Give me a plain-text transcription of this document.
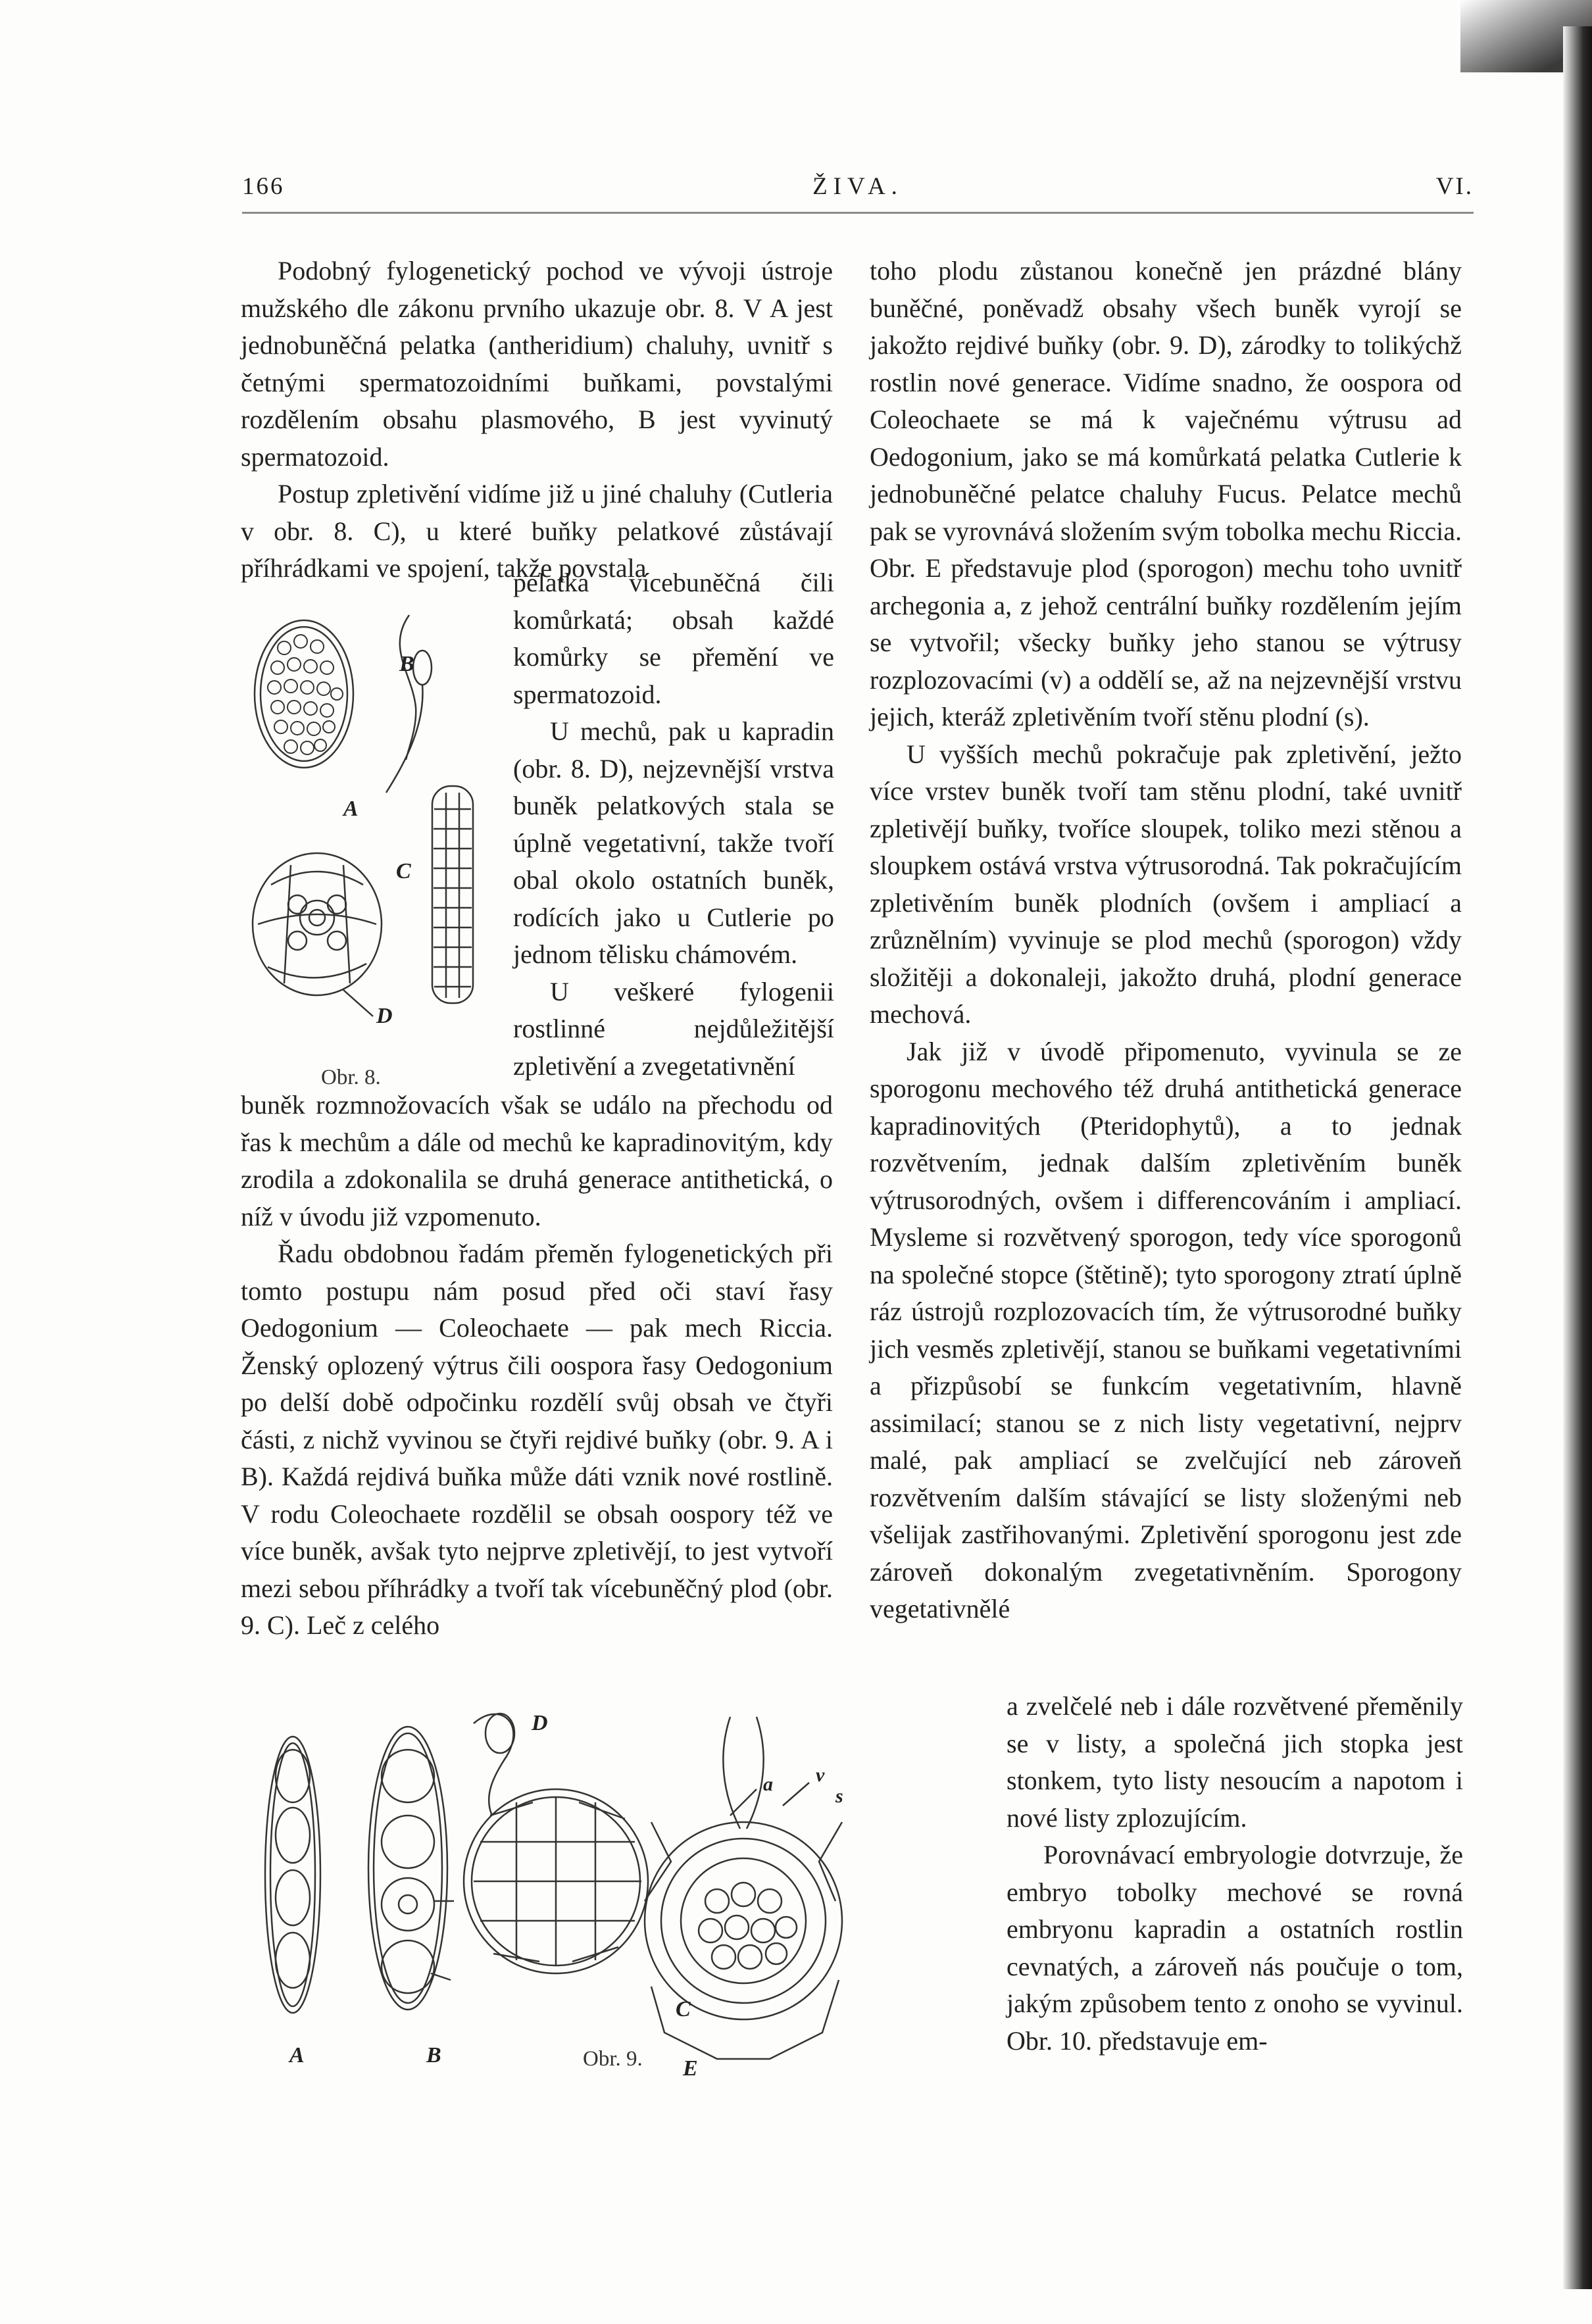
166	ŽIVA.	VI.

Podobný fylogenetický pochod ve vývoji ústroje mužského dle zákonu prvního ukazuje obr. 8. V A jest jednobuněčná pelatka (antheridium) chaluhy, uvnitř s četnými spermatozoidními buňkami, povstalými rozdělením obsahu plasmového, B jest vyvinutý spermatozoid.

Postup zpletivění vidíme již u jiné chaluhy (Cutleria v obr. 8. C), u které buňky pelatkové zůstávají příhrádkami ve spojení, takže povstala

A
B
C
D
Obr. 8.

pelatka vícebuněčná čili komůrkatá; obsah každé komůrky se přemění ve spermatozoid.

U mechů, pak u kapradin (obr. 8. D), nejzevnější vrstva buněk pelatkových stala se úplně vegetativní, takže tvoří obal okolo ostatních buněk, rodících jako u Cutlerie po jednom tělisku chámovém.

U veškeré fylogenii rostlinné nejdůležitější zpletivění a zvegetativnění

buněk rozmnožovacích však se událo na přechodu od řas k mechům a dále od mechů ke kapradinovitým, kdy zrodila a zdokonalila se druhá generace antithetická, o níž v úvodu již vzpomenuto.

Řadu obdobnou řadám přeměn fylogenetických při tomto postupu nám posud před oči staví řasy Oedogonium — Coleochaete — pak mech Riccia. Ženský oplozený výtrus čili oospora řasy Oedogonium po delší době odpočinku rozdělí svůj obsah ve čtyři části, z nichž vyvinou se čtyři rejdivé buňky (obr. 9. A i B). Každá rejdivá buňka může dáti vznik nové rostlině. V rodu Coleochaete rozdělil se obsah oospory též ve více buněk, avšak tyto nejprve zpletivějí, to jest vytvoří mezi sebou příhrádky a tvoří tak vícebuněčný plod (obr. 9. C). Leč z celého

toho plodu zůstanou konečně jen prázdné blány buněčné, poněvadž obsahy všech buněk vyrojí se jakožto rejdivé buňky (obr. 9. D), zárodky to tolikýchž rostlin nové generace. Vidíme snadno, že oospora od Coleochaete se má k vaječnému výtrusu ad Oedogonium, jako se má komůrkatá pelatka Cutlerie k jednobuněčné pelatce chaluhy Fucus. Pelatce mechů pak se vyrovnává složením svým tobolka mechu Riccia. Obr. E představuje plod (sporogon) mechu toho uvnitř archegonia a, z jehož centrální buňky rozdělením jejím se vytvořil; všecky buňky jeho stanou se výtrusy rozplozovacími (v) a oddělí se, až na nejzevnější vrstvu jejich, kteráž zpletivěním tvoří stěnu plodní (s).

U vyšších mechů pokračuje pak zpletivění, ježto více vrstev buněk tvoří tam stěnu plodní, také uvnitř zpletivějí buňky, tvoříce sloupek, toliko mezi stěnou a sloupkem ostává vrstva výtrusorodná. Tak pokračujícím zpletivěním buněk plodních (ovšem i ampliací a zrůznělním) vyvinuje se plod mechů (sporogon) vždy složitěji a dokonaleji, jakožto druhá, plodní generace mechová.

Jak již v úvodě připomenuto, vyvinula se ze sporogonu mechového též druhá antithetická generace kapradinovitých (Pteridophytů), a to jednak rozvětvením, jednak dalším zpletivěním buněk výtrusorodných, ovšem i differencováním i ampliací. Mysleme si rozvětvený sporogon, tedy více sporogonů na společné stopce (štětině); tyto sporogony ztratí úplně ráz ústrojů rozplozovacích tím, že výtrusorodné buňky jich vesměs zpletivějí, stanou se buňkami vegetativními a přizpůsobí se funkcím vegetativním, hlavně assimilací; stanou se z nich listy vegetativní, nejprv malé, pak ampliací se zvelčující neb zároveň rozvětvením dalším stávající se listy složenými neb všelijak zastřihovanými. Zpletivění sporogonu jest zde zároveň dokonalým zvegetativněním. Sporogony vegetativnělé

a zvelčelé neb i dále rozvětvené přeměnily se v listy, a společná jich stopka jest stonkem, tyto listy nesoucím a napotom i nové listy zplozujícím.

Porovnávací embryologie dotvrzuje, že embryo tobolky mechové se rovná embryonu kapradin a ostatních rostlin cevnatých, a zároveň nás poučuje o tom, jakým způsobem tento z onoho se vyvinul. Obr. 10. představuje em-

A	B
D
E
a v
s
C
Obr. 9.
